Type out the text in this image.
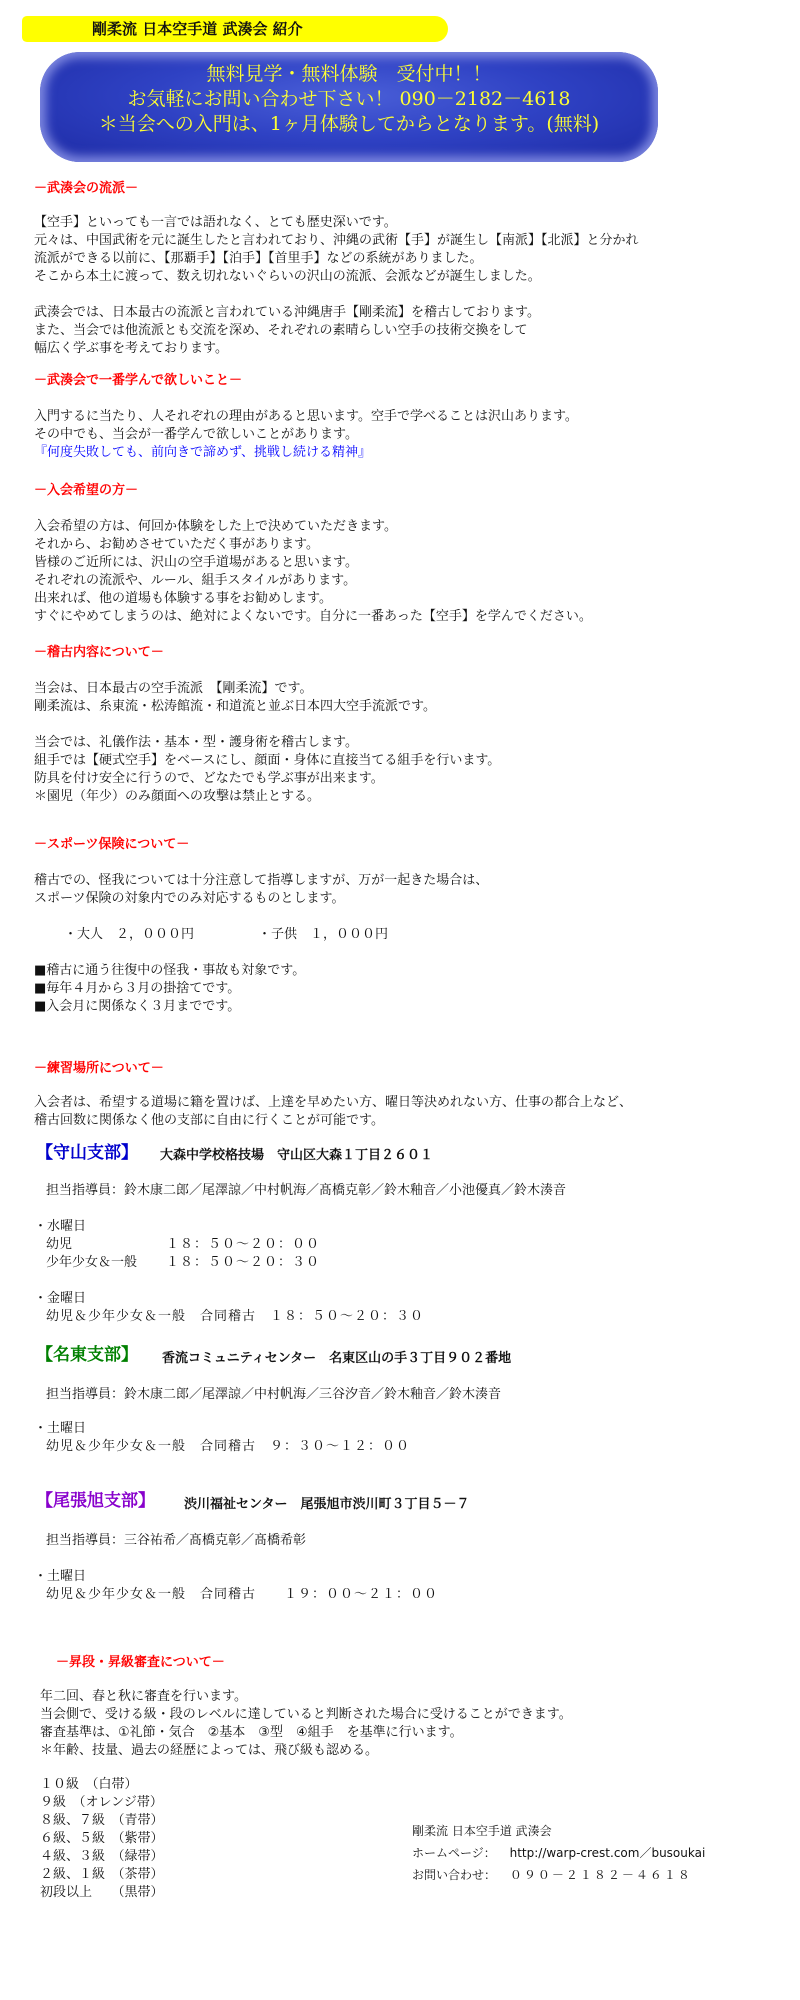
剛柔流 日本空手道 武湊会 紹介
無料見学・無料体験　受付中！！
お気軽にお問い合わせ下さい！ 090－2182－4618
＊当会への入門は、1ヶ月体験してからとなります。(無料)
－武湊会の流派－
【空手】といっても一言では語れなく、とても歴史深いです。
元々は、中国武術を元に誕生したと言われており、沖縄の武術【手】が誕生し【南派】【北派】と分かれ
流派ができる以前に、【那覇手】【泊手】【首里手】などの系統がありました。
そこから本土に渡って、数え切れないぐらいの沢山の流派、会派などが誕生しました。
武湊会では、日本最古の流派と言われている沖縄唐手【剛柔流】を稽古しております。
また、当会では他流派とも交流を深め、それぞれの素晴らしい空手の技術交換をして
幅広く学ぶ事を考えております。
－武湊会で一番学んで欲しいこと－
入門するに当たり、人それぞれの理由があると思います。空手で学べることは沢山あります。
その中でも、当会が一番学んで欲しいことがあります。
『何度失敗しても、前向きで諦めず、挑戦し続ける精神』
－入会希望の方－
入会希望の方は、何回か体験をした上で決めていただきます。
それから、お勧めさせていただく事があります。
皆様のご近所には、沢山の空手道場があると思います。
それぞれの流派や、ルール、組手スタイルがあります。
出来れば、他の道場も体験する事をお勧めします。
すぐにやめてしまうのは、絶対によくないです。自分に一番あった【空手】を学んでください。
－稽古内容について－
当会は、日本最古の空手流派　【剛柔流】です。
剛柔流は、糸東流・松涛館流・和道流と並ぶ日本四大空手流派です。
当会では、礼儀作法・基本・型・護身術を稽古します。
組手では【硬式空手】をベースにし、顔面・身体に直接当てる組手を行います。
防具を付け安全に行うので、どなたでも学ぶ事が出来ます。
＊園児（年少）のみ顔面への攻撃は禁止とする。
－スポーツ保険について－
稽古での、怪我については十分注意して指導しますが、万が一起きた場合は、
スポーツ保険の対象内でのみ対応するものとします。
・大人　２，０００円	・子供　１，０００円
■稽古に通う往復中の怪我・事故も対象です。
■毎年４月から３月の掛捨てです。
■入会月に関係なく３月までです。
－練習場所について－
入会者は、希望する道場に籍を置けば、上達を早めたい方、曜日等決めれない方、仕事の都合上など、
稽古回数に関係なく他の支部に自由に行くことが可能です。
【守山支部】 大森中学校格技場　守山区大森１丁目２６０１
担当指導員：鈴木康二郎／尾澤諒／中村帆海／髙橋克彰／鈴木釉音／小池優真／鈴木湊音
・水曜日
幼児	１８：５０～２０：００
少年少女＆一般 １８：５０～２０：３０
・金曜日
幼児＆少年少女＆一般　合同稽古　１８：５０～２０：３０
【名東支部】 香流コミュニティセンター　名東区山の手３丁目９０２番地
担当指導員：鈴木康二郎／尾澤諒／中村帆海／三谷汐音／鈴木釉音／鈴木湊音
・土曜日
幼児＆少年少女＆一般　合同稽古　９：３０～１２：００
【尾張旭支部】 渋川福祉センター　尾張旭市渋川町３丁目５－７
担当指導員：三谷祐希／髙橋克彰／髙橋希彰
・土曜日
幼児＆少年少女＆一般　合同稽古　　１９：００～２１：００
－昇段・昇級審査について－
年二回、春と秋に審査を行います。
当会側で、受ける級・段のレベルに達していると判断された場合に受けることができます。
審査基準は、①礼節・気合　②基本　③型　④組手　を基準に行います。
＊年齢、技量、過去の経歴によっては、飛び級も認める。
１０級　（白帯）
９級　（オレンジ帯）
８級、７級　（青帯）
６級、５級　（紫帯）
４級、３級　（緑帯）
２級、１級　（茶帯）
初段以上　　（黒帯）
剛柔流 日本空手道 武湊会
ホームページ： http://warp-crest.com／busoukai
お問い合わせ： ０９０－２１８２－４６１８
